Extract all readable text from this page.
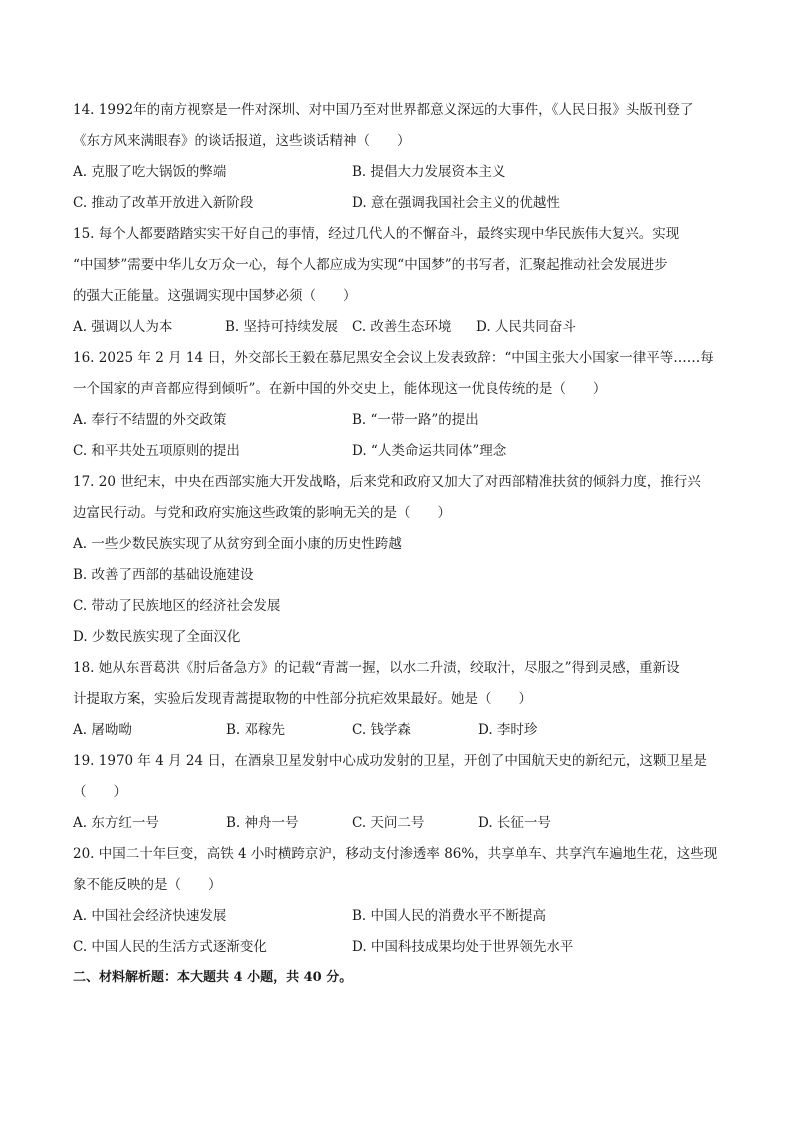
14. 1992年的南方视察是一件对深圳、对中国乃至对世界都意义深远的大事件，《人民日报》头版刊登了
《东方风来满眼春》的谈话报道，这些谈话精神（　　）
A. 克服了吃大锅饭的弊端	B. 提倡大力发展资本主义
C. 推动了改革开放进入新阶段	D. 意在强调我国社会主义的优越性
15. 每个人都要踏踏实实干好自己的事情，经过几代人的不懈奋斗，最终实现中华民族伟大复兴。实现
“中国梦”需要中华儿女万众一心，每个人都应成为实现“中国梦”的书写者，汇聚起推动社会发展进步
的强大正能量。这强调实现中国梦必须（　　）
A. 强调以人为本	B. 坚持可持续发展	C. 改善生态环境	D. 人民共同奋斗
16. 2025 年 2 月 14 日，外交部长王毅在慕尼黑安全会议上发表致辞：“中国主张大小国家一律平等……每
一个国家的声音都应得到倾听”。在新中国的外交史上，能体现这一优良传统的是（　　）
A. 奉行不结盟的外交政策	B. “一带一路”的提出
C. 和平共处五项原则的提出	D. “人类命运共同体”理念
17. 20 世纪末，中央在西部实施大开发战略，后来党和政府又加大了对西部精准扶贫的倾斜力度，推行兴
边富民行动。与党和政府实施这些政策的影响无关的是（　　）
A. 一些少数民族实现了从贫穷到全面小康的历史性跨越
B. 改善了西部的基础设施建设
C. 带动了民族地区的经济社会发展
D. 少数民族实现了全面汉化
18. 她从东晋葛洪《肘后备急方》的记载“青蒿一握，以水二升渍，绞取汁，尽服之”得到灵感，重新设
计提取方案，实验后发现青蒿提取物的中性部分抗疟效果最好。她是（　　）
A. 屠呦呦	B. 邓稼先	C. 钱学森	D. 李时珍
19. 1970 年 4 月 24 日，在酒泉卫星发射中心成功发射的卫星，开创了中国航天史的新纪元，这颗卫星是
（　　）
A. 东方红一号	B. 神舟一号	C. 天问二号	D. 长征一号
20. 中国二十年巨变，高铁 4 小时横跨京沪，移动支付渗透率 86%，共享单车、共享汽车遍地生花，这些现
象不能反映的是（　　）
A. 中国社会经济快速发展	B. 中国人民的消费水平不断提高
C. 中国人民的生活方式逐渐变化	D. 中国科技成果均处于世界领先水平
二、材料解析题：本大题共 4 小题，共 40 分。
